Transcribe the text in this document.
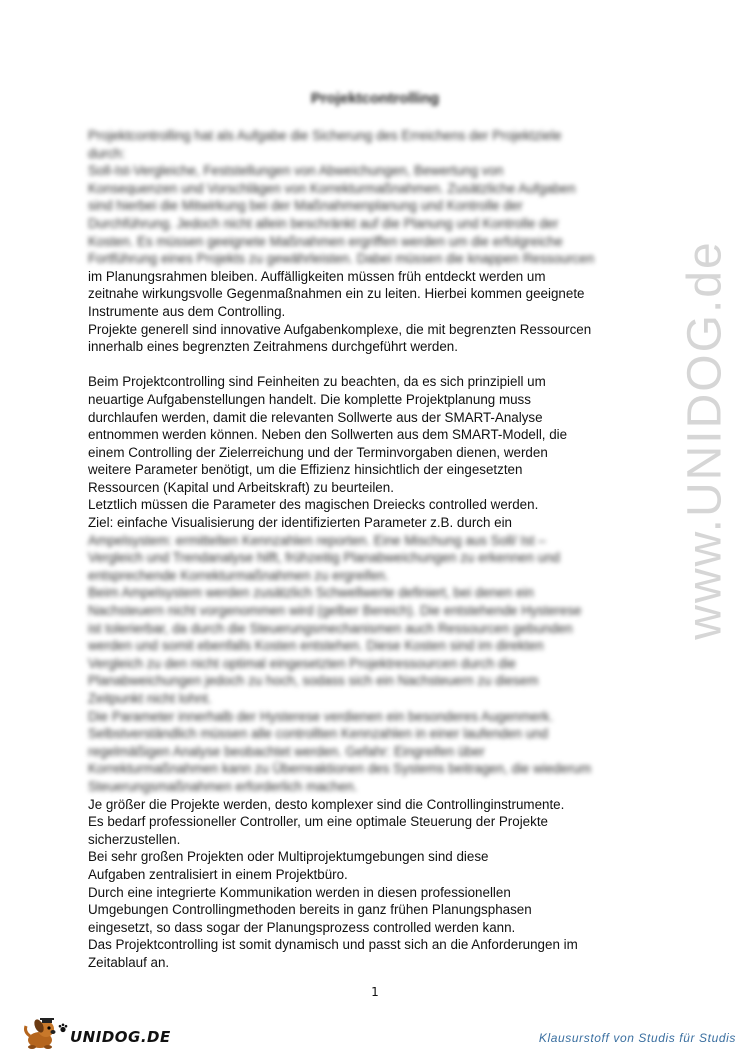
www.UNIDOG.de
Projektcontrolling
Projektcontrolling hat als Aufgabe die Sicherung des Erreichens der Projektziele
durch:
Soll-Ist-Vergleiche, Feststellungen von Abweichungen, Bewertung von
Konsequenzen und Vorschlägen von Korrekturmaßnahmen. Zusätzliche Aufgaben
sind hierbei die Mitwirkung bei der Maßnahmenplanung und Kontrolle der
Durchführung. Jedoch nicht allein beschränkt auf die Planung und Kontrolle der
Kosten. Es müssen geeignete Maßnahmen ergriffen werden um die erfolgreiche
Fortführung eines Projekts zu gewährleisten. Dabei müssen die knappen Ressourcen
im Planungsrahmen bleiben. Auffälligkeiten müssen früh entdeckt werden um
zeitnahe wirkungsvolle Gegenmaßnahmen ein zu leiten. Hierbei kommen geeignete
Instrumente aus dem Controlling.
Projekte generell sind innovative Aufgabenkomplexe, die mit begrenzten Ressourcen
innerhalb eines begrenzten Zeitrahmens durchgeführt werden.
Beim Projektcontrolling sind Feinheiten zu beachten, da es sich prinzipiell um
neuartige Aufgabenstellungen handelt. Die komplette Projektplanung muss
durchlaufen werden, damit die relevanten Sollwerte aus der SMART-Analyse
entnommen werden können. Neben den Sollwerten aus dem SMART-Modell, die
einem Controlling der Zielerreichung und der Terminvorgaben dienen, werden
weitere Parameter benötigt, um die Effizienz hinsichtlich der eingesetzten
Ressourcen (Kapital und Arbeitskraft) zu beurteilen.
Letztlich müssen die Parameter des magischen Dreiecks controlled werden.
Ziel: einfache Visualisierung der identifizierten Parameter z.B. durch ein
Ampelsystem: ermittelten Kennzahlen reporten. Eine Mischung aus Soll/ Ist –
Vergleich und Trendanalyse hilft, frühzeitig Planabweichungen zu erkennen und
entsprechende Korrekturmaßnahmen zu ergreifen.
Beim Ampelsystem werden zusätzlich Schwellwerte definiert, bei denen ein
Nachsteuern nicht vorgenommen wird (gelber Bereich). Die entstehende Hysterese
ist tolerierbar, da durch die Steuerungsmechanismen auch Ressourcen gebunden
werden und somit ebenfalls Kosten entstehen. Diese Kosten sind im direkten
Vergleich zu den nicht optimal eingesetzten Projektressourcen durch die
Planabweichungen jedoch zu hoch, sodass sich ein Nachsteuern zu diesem
Zeitpunkt nicht lohnt.
Die Parameter innerhalb der Hysterese verdienen ein besonderes Augenmerk.
Selbstverständlich müssen alle controllten Kennzahlen in einer laufenden und
regelmäßigen Analyse beobachtet werden. Gefahr: Eingreifen über
Korrekturmaßnahmen kann zu Überreaktionen des Systems beitragen, die wiederum
Steuerungsmaßnahmen erforderlich machen.
Je größer die Projekte werden, desto komplexer sind die Controllinginstrumente.
Es bedarf professioneller Controller, um eine optimale Steuerung der Projekte
sicherzustellen.
Bei sehr großen Projekten oder Multiprojektumgebungen sind diese
Aufgaben zentralisiert in einem Projektbüro.
Durch eine integrierte Kommunikation werden in diesen professionellen
Umgebungen Controllingmethoden bereits in ganz frühen Planungsphasen
eingesetzt, so dass sogar der Planungsprozess controlled werden kann.
Das Projektcontrolling ist somit dynamisch und passt sich an die Anforderungen im
Zeitablauf an.
1
UNIDOG.DE	Klausurstoff von Studis für Studis
